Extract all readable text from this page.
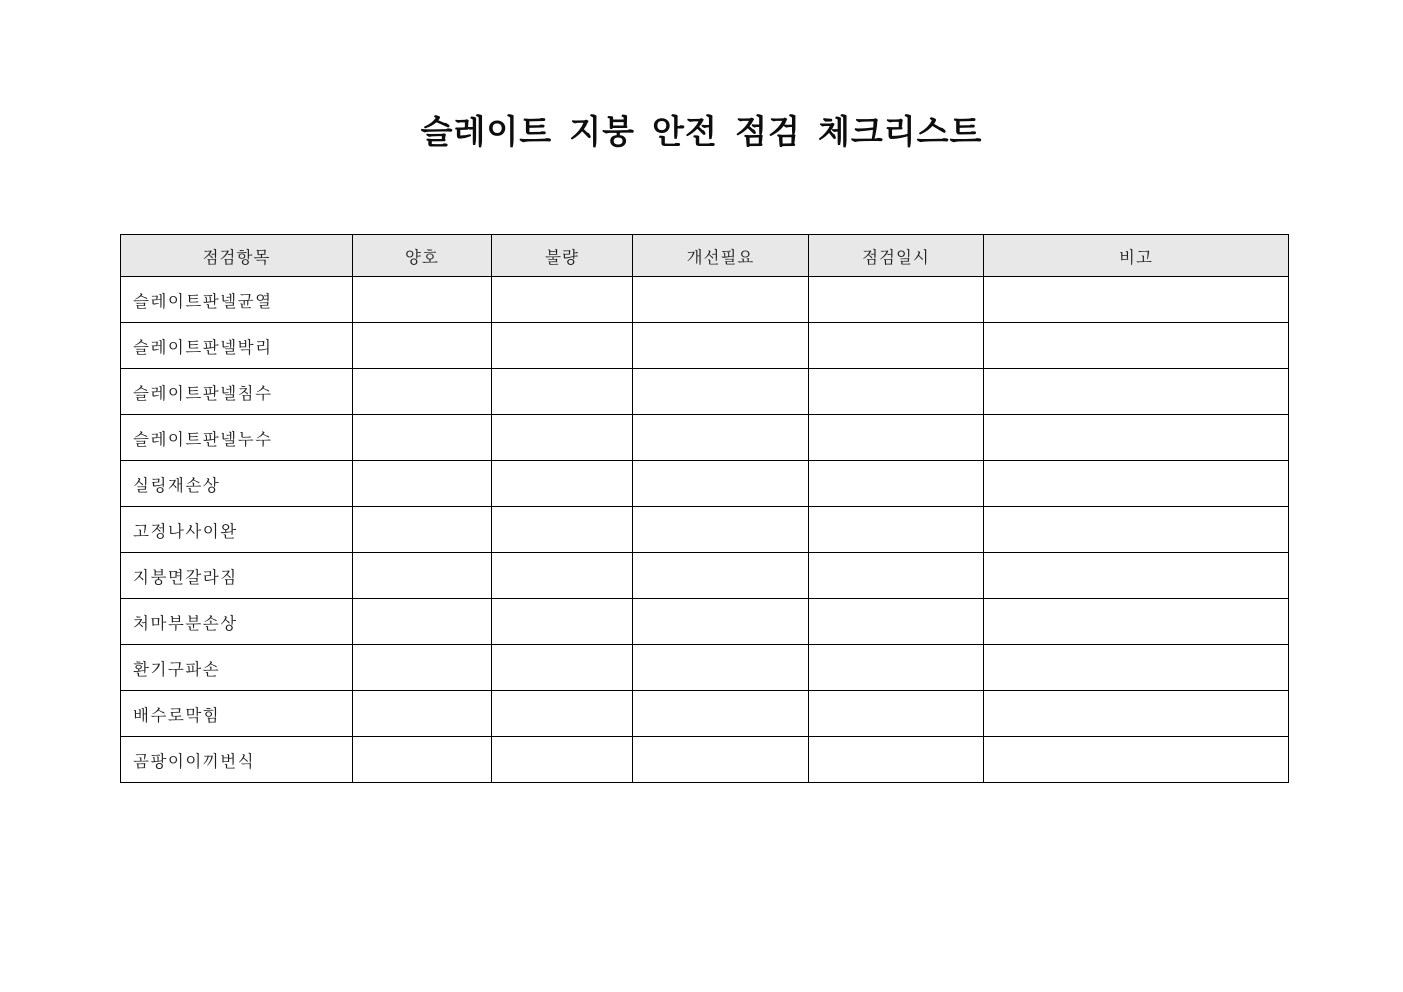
슬레이트 지붕 안전 점검 체크리스트
점검항목	양호	불량	개선필요	점검일시	비고
슬레이트판넬균열					
슬레이트판넬박리					
슬레이트판넬침수					
슬레이트판넬누수					
실링재손상					
고정나사이완					
지붕면갈라짐					
처마부분손상					
환기구파손					
배수로막힘					
곰팡이이끼번식					
